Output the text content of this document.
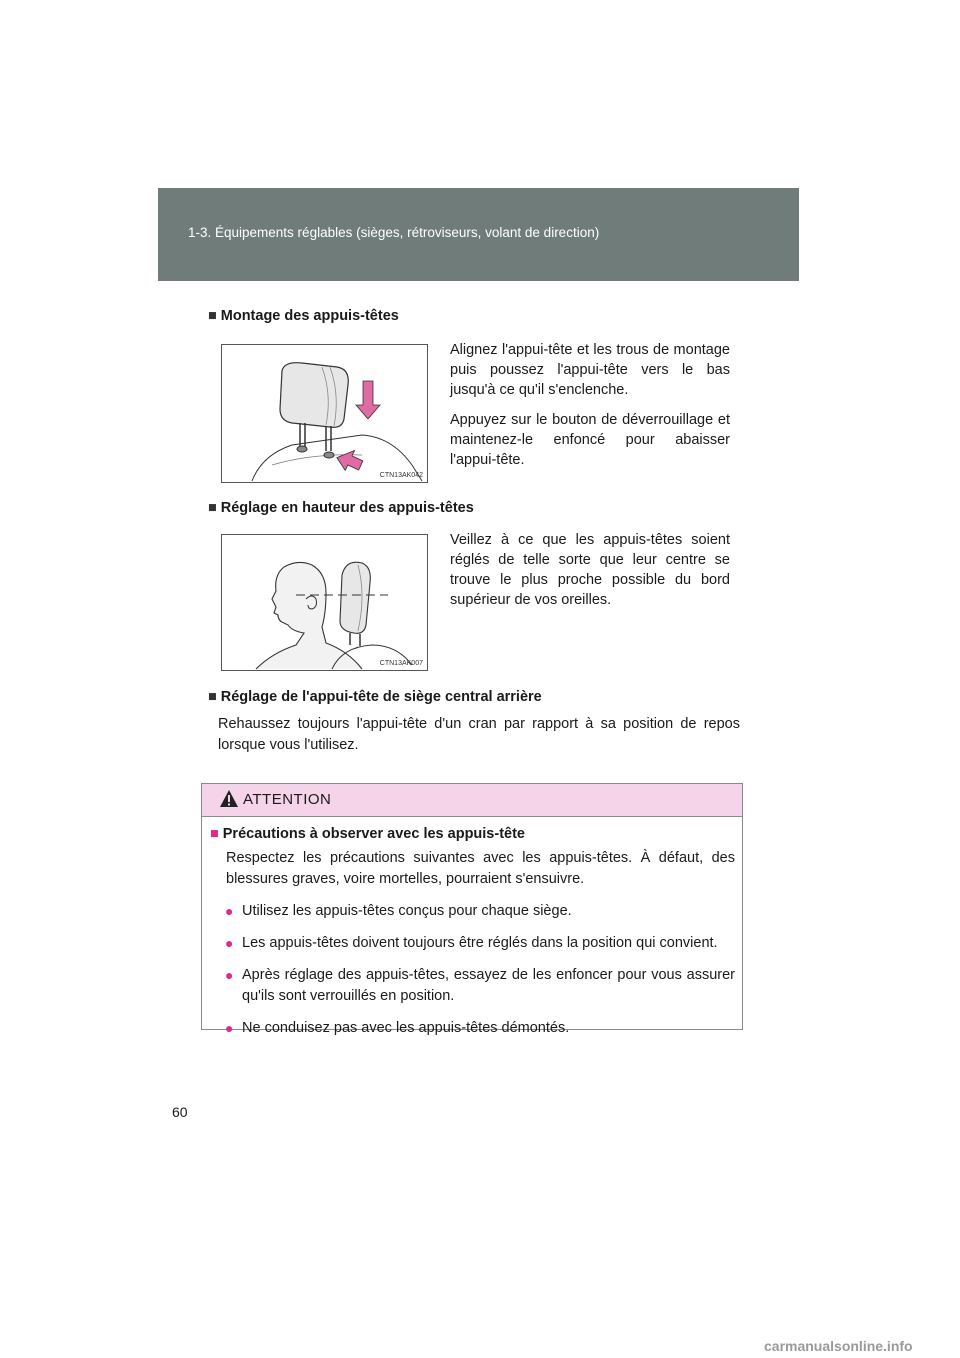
1-3. Équipements réglables (sièges, rétroviseurs, volant de direction)
■ Montage des appuis-têtes
CTN13AK042

Alignez l'appui-tête et les trous de montage puis poussez l'appui-tête vers le bas jusqu'à ce qu'il s'enclenche.

Appuyez sur le bouton de déverrouillage et maintenez-le enfoncé pour abaisser l'appui-tête.

■ Réglage en hauteur des appuis-têtes
CTN13AK007

Veillez à ce que les appuis-têtes soient réglés de telle sorte que leur centre se trouve le plus proche possible du bord supérieur de vos oreilles.

■ Réglage de l'appui-tête de siège central arrière
Rehaussez toujours l'appui-tête d'un cran par rapport à sa position de repos lorsque vous l'utilisez.
ATTENTION
■ Précautions à observer avec les appuis-tête
Respectez les précautions suivantes avec les appuis-têtes. À défaut, des blessures graves, voire mortelles, pourraient s'ensuivre.
● Utilisez les appuis-têtes conçus pour chaque siège.
● Les appuis-têtes doivent toujours être réglés dans la position qui convient.
● Après réglage des appuis-têtes, essayez de les enfoncer pour vous assurer qu'ils sont verrouillés en position.
● Ne conduisez pas avec les appuis-têtes démontés.
60
carmanualsonline.info
